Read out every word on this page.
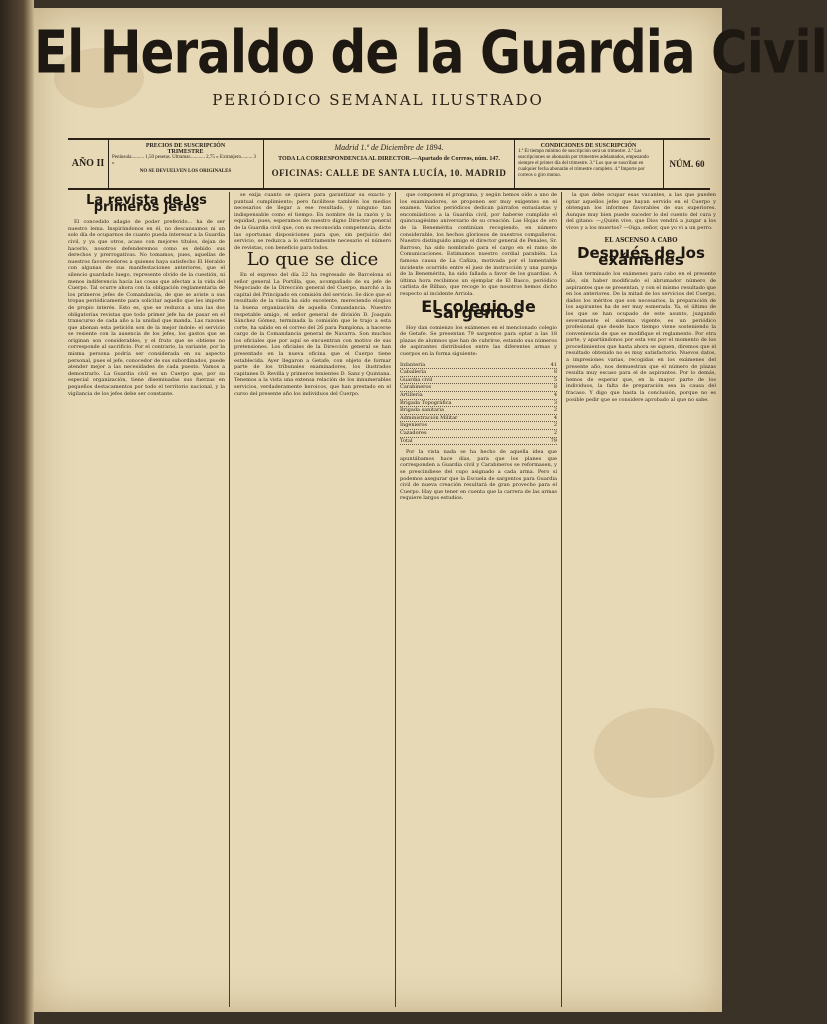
El Heraldo de la Guardia Civil
PERIÓDICO SEMANAL ILUSTRADO
AÑO II
PRECIOS DE SUSCRIPCIÓN
TRIMESTRE
Península.......... 1,50 pesetas. Ultramar............ 2,75 » Extranjero......... 3 »
NO SE DEVUELVEN LOS ORIGINALES
Madrid 1.º de Diciembre de 1894.
TODA LA CORRESPONDENCIA AL DIRECTOR.—Apartado de Correos, núm. 147.
OFICINAS: CALLE DE SANTA LUCÍA, 10. MADRID
CONDICIONES DE SUSCRIPCIÓN
1.ª El tiempo mínimo de suscripción será un trimestre. 2.ª Las suscripciones se abonarán por trimestres adelantados, empezando siempre el primer día del trimestre. 3.ª Los que se suscriban en cualquier fecha abonarán el trimestre completo. 4.ª Importe por correos o giro mutuo.
NÚM. 60
La revista de los primeros jefes

El concedido adagio de poder preferido... ha de ser nuestro lema. Inspirándonos en él, no descansamos ni un solo día de ocuparnos de cuanto pueda interesar a la Guardia civil, y ya que otros, acaso con mejores títulos, dejan de hacerlo, nosotros defenderemos como es debido sus derechos y prerrogativas. No tomamos, pues, aquellas de nuestros favorecedores a quienes haya satisfecho El Heraldo con algunas de sus manifestaciones anteriores, que el silencio guardado luego, represente olvido de la cuestión, ni menos indiferencia hacia las cosas que afectan a la vida del Cuerpo. Tal ocurre ahora con la obligación reglamentaria de los primeros jefes de Comandancia, de que se aviste a sus tropas periódicamente para solicitar aquello que les importe de propio interés. Esto es, que se reduzca a una las dos obligatorias revistas que todo primer jefe ha de pasar en el transcurso de cada año a la unidad que manda. Las razones que abonan esta petición son de la mejor índole: el servicio se resiente con la ausencia de los jefes, los gastos que se originan son considerables, y el fruto que se obtiene no corresponde al sacrificio. Por el contrario, la variante, por la misma persona podría ser considerada en su aspecto personal, pues el jefe, conocedor de sus subordinados, puede atender mejor a las necesidades de cada puesto. Vamos a demostrarlo. La Guardia civil es un Cuerpo que, por su especial organización, tiene diseminadas sus fuerzas en pequeños destacamentos por todo el territorio nacional, y la vigilancia de los jefes debe ser constante.

se exija cuanto se quiera para garantizar su exacto y puntual cumplimiento; pero facilítese también los medios necesarios de llegar a ese resultado, y ninguno tan indispensable como el tiempo. En nombre de la razón y la equidad, pues, esperamos de nuestro digno Director general de la Guardia civil que, con su reconocida competencia, dicte las oportunas disposiciones para que, sin perjuicio del servicio, se reduzca a lo estrictamente necesario el número de revistas, con beneficio para todos.

Lo que se dice

En el expreso del día 22 ha regresado de Barcelona el señor general La Portilla, que, acompañado de su jefe de Negociado de la Dirección general del Cuerpo, marchó a la capital del Principado en comisión del servicio. Se dice que el resultado de la visita ha sido excelente, mereciendo elogios la buena organización de aquella Comandancia. Nuestro respetable amigo, el señor general de división D. Joaquín Sánchez Gómez, terminada la comisión que le trajo a esta corte, ha salido en el correo del 26 para Pamplona, a hacerse cargo de la Comandancia general de Navarra. Son muchos los oficiales que por aquí se encuentran con motivo de sus pretensiones. Los oficiales de la Dirección general se han presentado en la nueva oficina que el Cuerpo tiene establecida. Ayer llegaron a Getafe, con objeto de formar parte de los tribunales examinadores, los ilustrados capitanes D. Revilla y primeros tenientes D. Sanz y Quintana. Tenemos a la vista una extensa relación de los innumerables servicios, verdaderamente heroicos, que han prestado en el curso del presente año los individuos del Cuerpo.

que componen el programa, y según hemos oído a uno de los examinadores, se proponen ser muy exigentes en el examen. Varios periódicos dedican párrafos entusiastas y encomiásticos a la Guardia civil, por haberse cumplido el quincuagésimo aniversario de su creación. Las Hojas de oro de la Benemérita continúan recogiendo, en número considerable, los hechos gloriosos de nuestros compañeros. Nuestro distinguido amigo el director general de Penales, Sr. Barroso, ha sido nombrado para el cargo en el ramo de Comunicaciones. Estimamos nuestro cordial parabién. La famosa causa de La Cañiza, motivada por el lamentable incidente ocurrido entre el juez de instrucción y una pareja de la Benemérita, ha sido fallada a favor de los guardias. A última hora recibimos un ejemplar de El Basco, periódico carlista de Bilbao, que recoge lo que nosotros hemos dicho respecto al incidente Arriola.

El colegio de sargentos

Hoy dan comienzo los exámenes en el mencionado colegio de Getafe. Se presentan 79 sargentos para optar a las 18 plazas de alumnos que han de cubrirse, estando sus números de aspirantes distribuidos entre las diferentes armas y cuerpos en la forma siguiente:

Infantería	41
Caballería	8
Guardia civil	5
Carabineros	8
Artillería	4
Brigada Topográfica	3
Brigada sanitaria	2
Administración Militar	4
Ingenieros	2
Cazadores	2
Total	79

Por la vista nada se ha hecho de aquella idea que apuntábamos hace días, para que los planes que corresponden a Guardia civil y Carabineros se reformasen, y se prescindiese del cupo asignado a cada arma. Pero sí podemos asegurar que la Escuela de sargentos para Guardia civil de nueva creación resultará de gran provecho para el Cuerpo. Hay que tener en cuenta que la carrera de las armas requiere largos estudios.

la que debe ocupar esas vacantes, a las que pueden optar aquellos jefes que hayan servido en el Cuerpo y obtengan los informes favorables de sus superiores. Aunque muy bien puede suceder lo del cuento del cura y del gitano: —¿Quién vive, que Dios vendrá a juzgar a los vivos y a los muertos? —Oiga, señor, que yo vi a un perro.

EL ASCENSO A CABO
Después de los exámenes

Han terminado los exámenes para cabo en el presente año, sin haber modificado el abrumador número de aspirantes que se presentan, y con el mismo resultado que en los anteriores. De la mitad de los servicios del Cuerpo, dados los méritos que son necesarios, la preparación de los aspirantes ha de ser muy esmerada. Ya, el último de los que se han ocupado de este asunto, juzgando severamente el sistema vigente, es un periódico profesional que desde hace tiempo viene sosteniendo la conveniencia de que se modifique el reglamento. Por otra parte, y apartándonos por esta vez por el momento de los procedimientos que hasta ahora se siguen, diremos que el resultado obtenido no es muy satisfactorio. Nuevos datos, a impresiones varias, recogidas en los exámenes del presente año, nos demuestran que el número de plazas resulta muy escaso para el de aspirantes. Por lo demás, hemos de esperar que, en la mayor parte de los individuos, la falta de preparación sea la causa del fracaso. Y digo que hasta la conclusión, porque no es posible pedir que se considere aprobado al que no sabe.
